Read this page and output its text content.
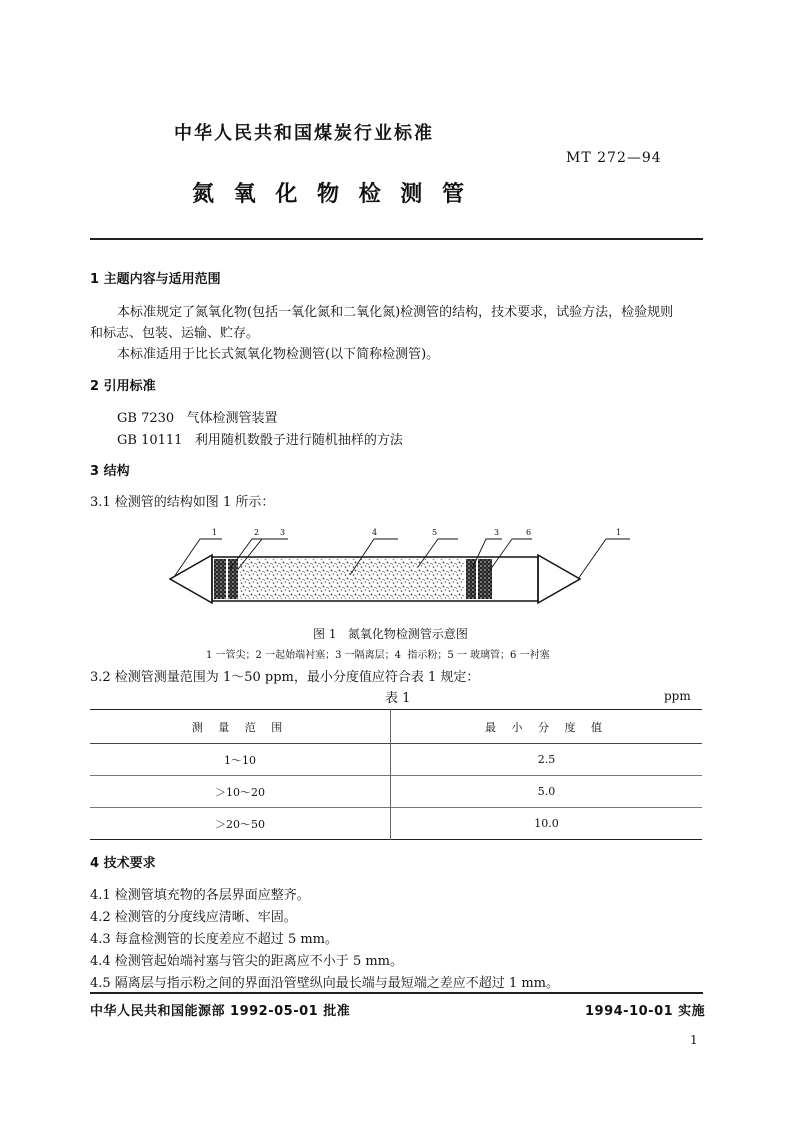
中华人民共和国煤炭行业标准
MT 272—94
氮 氧 化 物 检 测 管
1 主题内容与适用范围
本标准规定了氮氧化物(包括一氧化氮和二氧化氮)检测管的结构，技术要求，试验方法，检验规则
和标志、包装、运输、贮存。
本标准适用于比长式氮氧化物检测管(以下简称检测管)。
2 引用标准
GB 7230   气体检测管装置
GB 10111   利用随机数骰子进行随机抽样的方法
3 结构
3.1 检测管的结构如图 1 所示：
1	2	3	4	5	3	6	1
图 1   氮氧化物检测管示意图
1 一管尖；2 一起始端衬塞；3 一隔离层；4  指示粉；5 一 玻璃管；6 一衬塞
3.2 检测管测量范围为 1～50 ppm，最小分度值应符合表 1 规定：
表 1	ppm
测 量 范 围	最 小 分 度 值
1～10	2.5
＞10～20	5.0
＞20～50	10.0
4 技术要求
4.1 检测管填充物的各层界面应整齐。
4.2 检测管的分度线应清晰、牢固。
4.3 每盒检测管的长度差应不超过 5 mm。
4.4 检测管起始端衬塞与管尖的距离应不小于 5 mm。
4.5 隔离层与指示粉之间的界面沿管壁纵向最长端与最短端之差应不超过 1 mm。
中华人民共和国能源部 1992-05-01 批准	1994-10-01 实施
1
